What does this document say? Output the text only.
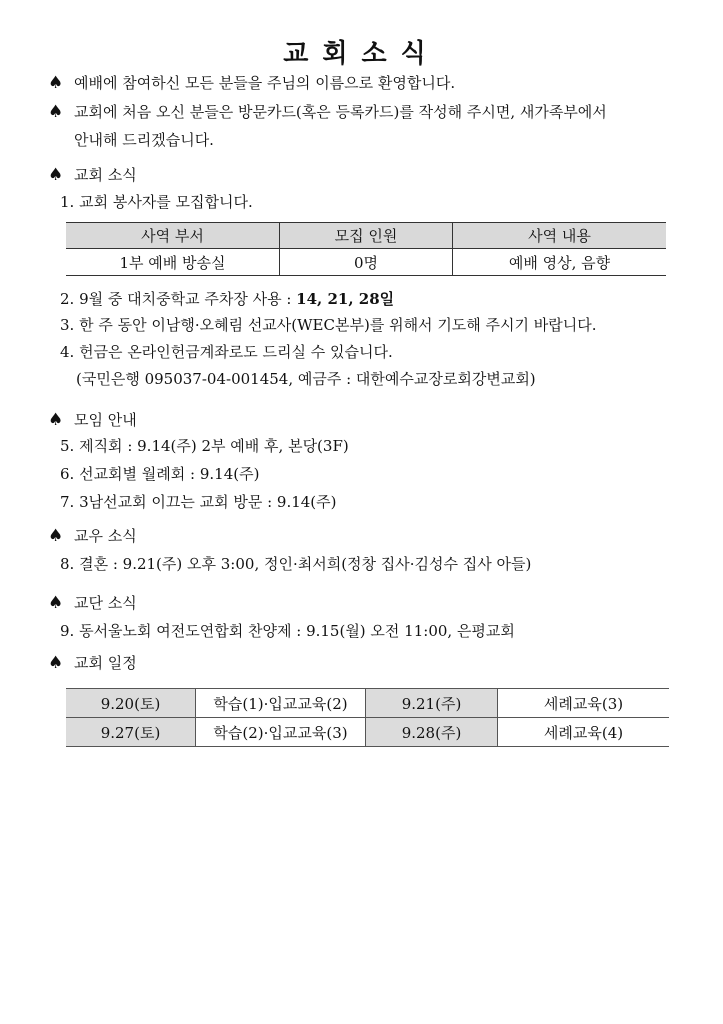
교회소식
♠ 예배에 참여하신 모든 분들을 주님의 이름으로 환영합니다.
♠ 교회에 처음 오신 분들은 방문카드(혹은 등록카드)를 작성해 주시면, 새가족부에서
안내해 드리겠습니다.
♠ 교회 소식
1. 교회 봉사자를 모집합니다.
사역 부서	모집 인원	사역 내용
1부 예배 방송실	0명	예배 영상, 음향
2. 9월 중 대치중학교 주차장 사용 : 14, 21, 28일
3. 한 주 동안 이남행·오혜림 선교사(WEC본부)를 위해서 기도해 주시기 바랍니다.
4. 헌금은 온라인헌금계좌로도 드리실 수 있습니다.
(국민은행 095037-04-001454, 예금주 : 대한예수교장로회강변교회)
♠ 모임 안내
5. 제직회 : 9.14(주) 2부 예배 후, 본당(3F)
6. 선교회별 월례회 : 9.14(주)
7. 3남선교회 이끄는 교회 방문 : 9.14(주)
♠ 교우 소식
8. 결혼 : 9.21(주) 오후 3:00, 정인·최서희(정창 집사·김성수 집사 아들)
♠ 교단 소식
9. 동서울노회 여전도연합회 찬양제 : 9.15(월) 오전 11:00, 은평교회
♠ 교회 일정
9.20(토)	학습(1)·입교교육(2)	9.21(주)	세례교육(3)
9.27(토)	학습(2)·입교교육(3)	9.28(주)	세례교육(4)
